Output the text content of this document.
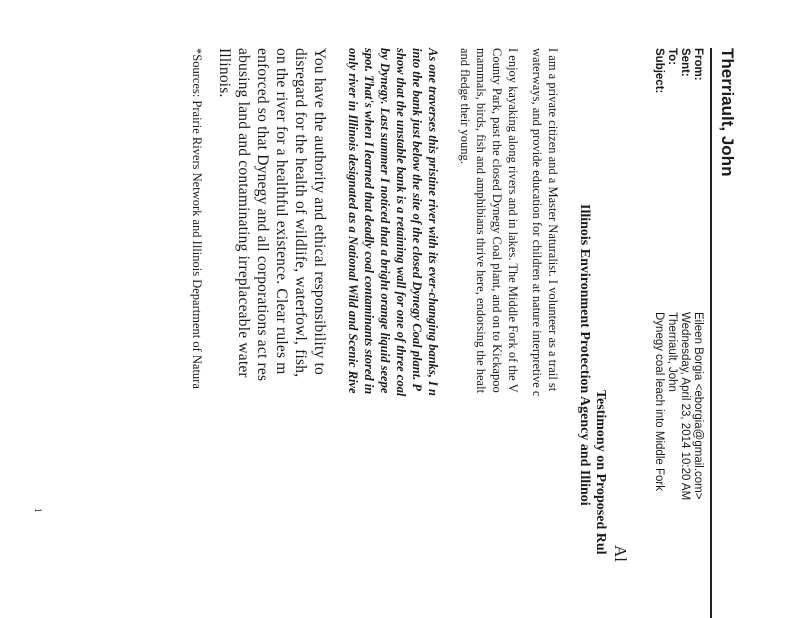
Therriault, John
From:
Eileen Borgia <eborgia@gmail.com>
Sent:
Wednesday, April 23, 2014 10:20 AM
To:
Therriault, John
Subject:
Dynegy coal leach into Middle Fork
Al
Testimony on Proposed Rul
Illinois Environment Protection Agency and Illinoi
I am a private citizen and a Master Naturalist. I volunteer as a trail st
waterways, and provide education for children at nature interpretive c
I enjoy kayaking along rivers and in lakes. The Middle Fork of the V
County Park, past the closed Dynegy Coal plant, and on to Kickapoo
mammals, birds, fish and amphibians thrive here, endorsing the healt
and fledge their young.
As one traverses this pristine river with its ever-changing banks, I n
into the bank just below the site of the closed Dynegy Coal plant. P
show that the unstable bank is a retaining wall for one of three coal
by Dynegy. Last summer I noticed that a bright orange liquid seepe
spot. That's when I learned that deadly coal contaminants stored in
only river in Illinois designated as a National Wild and Scenic Rive
You have the authority and ethical responsibility to
disregard for the health of wildlife, waterfowl, fish,
on the river for a healthful existence. Clear rules m
enforced so that Dynegy and all corporations act res
abusing land and contaminating irreplaceable water
Illinois.
*Sources: Prairie Rivers Network and Illinois Department of Natura
1
